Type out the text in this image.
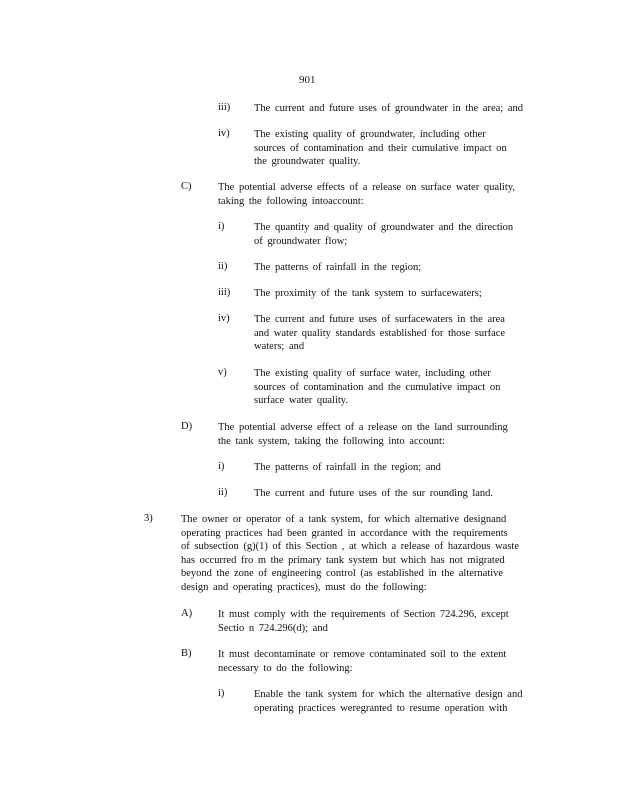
901
iii) The current and future uses of groundwater in the area; and
iv) The existing quality of groundwater, including other
sources of contamination and their cumulative impact on
the groundwater quality.
C)	The potential adverse effects of a release on surface water quality,
taking the following intoaccount:
i)	The quantity and quality of groundwater and the direction
of groundwater flow;
ii)	The patterns of rainfall in the region;
iii) The proximity of the tank system to surfacewaters;
iv) The current and future uses of surfacewaters in the area
and water quality standards established for those surface
waters; and
v)	The existing quality of surface water, including other
sources of contamination and the cumulative impact on
surface water quality.
D) The potential adverse effect of a release on the land surrounding
the tank system, taking the following into account:
i)	The patterns of rainfall in the region; and
ii)	The current and future uses of the sur rounding land.
3)	The owner or operator of a tank system, for which alternative designand
operating practices had been granted in accordance with the requirements
of subsection (g)(1) of this Section , at which a release of hazardous waste
has occurred fro m the primary tank system but which has not migrated
beyond the zone of engineering control (as established in the alternative
design and operating practices), must do the following:
A) It must comply with the requirements of Section 724.296, except
Sectio n 724.296(d); and
B)	It must decontaminate or remove contaminated soil to the extent
necessary to do the following:
i)	Enable the tank system for which the alternative design and
operating practices weregranted to resume operation with
